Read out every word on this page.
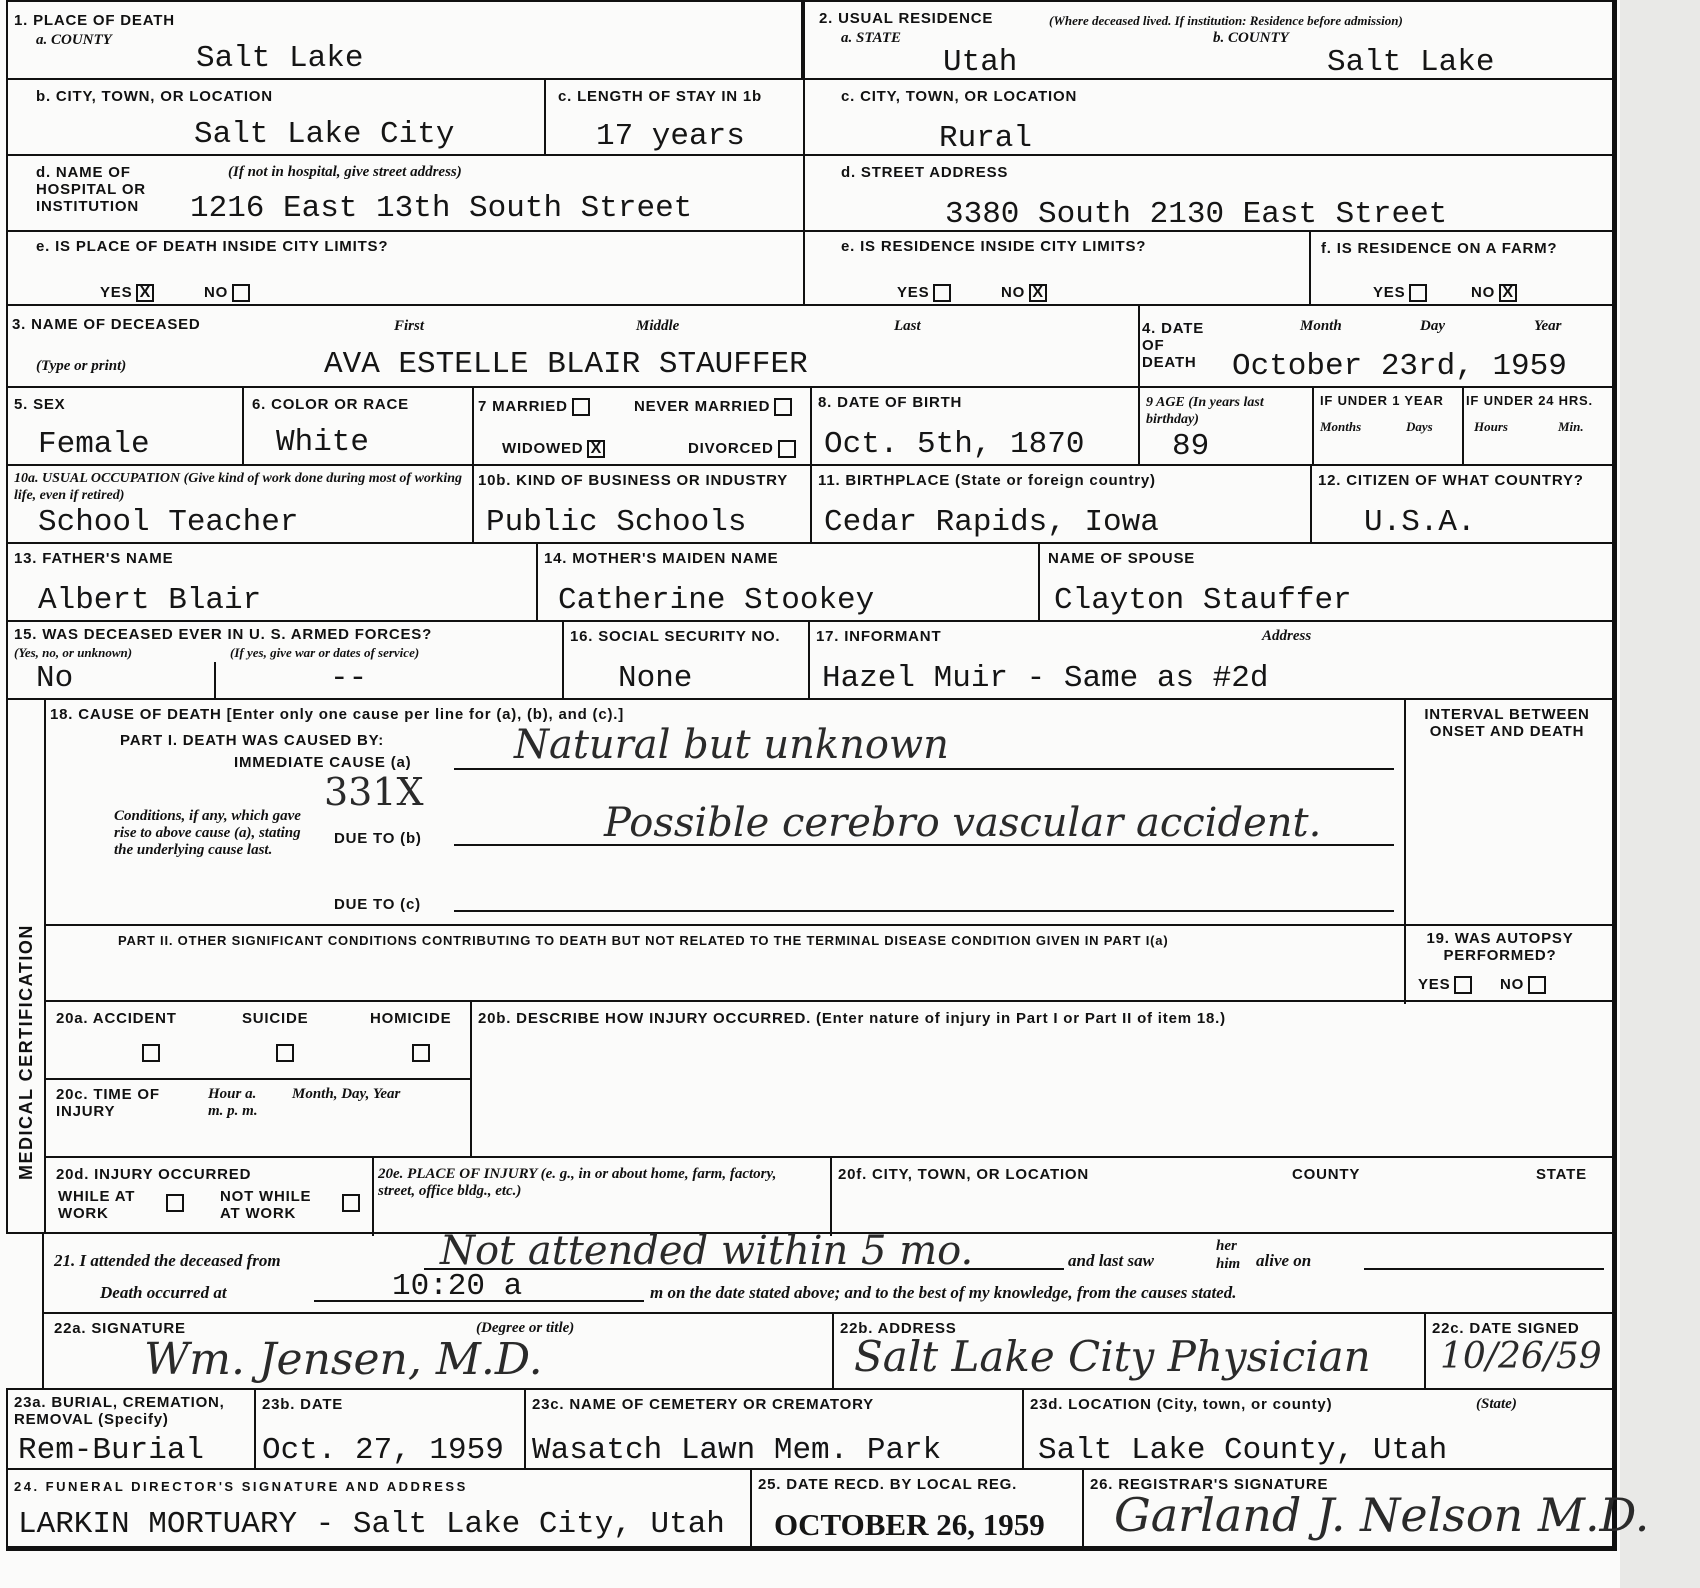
1. PLACE OF DEATH
a. COUNTY
Salt Lake
2. USUAL RESIDENCE	(Where deceased lived. If institution: Residence before admission)
a. STATE	b. COUNTY
Utah	Salt Lake
b. CITY, TOWN, OR LOCATION
Salt Lake City
c. LENGTH OF STAY IN 1b
17 years
c. CITY, TOWN, OR LOCATION
Rural
d. NAME OF HOSPITAL OR INSTITUTION
(If not in hospital, give street address)
1216 East 13th South Street
d. STREET ADDRESS
3380 South 2130 East Street
e. IS PLACE OF DEATH INSIDE CITY LIMITS?
YES X	NO
e. IS RESIDENCE INSIDE CITY LIMITS?
YES	NO X
f. IS RESIDENCE ON A FARM?
YES	NO X
3. NAME OF DECEASED
(Type or print)
First	Middle	Last
AVA ESTELLE BLAIR STAUFFER
4. DATE OF DEATH
Month	Day	Year
October 23rd, 1959
5. SEX
Female
6. COLOR OR RACE
White
7 MARRIED	NEVER MARRIED
WIDOWED X	DIVORCED
8. DATE OF BIRTH
Oct. 5th, 1870
9 AGE (In years last birthday)
89
IF UNDER 1 YEAR
Months	Days
IF UNDER 24 HRS.
Hours	Min.
10a. USUAL OCCUPATION (Give kind of work done during most of working life, even if retired)
School Teacher
10b. KIND OF BUSINESS OR INDUSTRY
Public Schools
11. BIRTHPLACE (State or foreign country)
Cedar Rapids, Iowa
12. CITIZEN OF WHAT COUNTRY?
U.S.A.
13. FATHER'S NAME
Albert Blair
14. MOTHER'S MAIDEN NAME
Catherine Stookey
NAME OF SPOUSE
Clayton Stauffer
15. WAS DECEASED EVER IN U. S. ARMED FORCES?
(Yes, no, or unknown)	(If yes, give war or dates of service)
No	--
16. SOCIAL SECURITY NO.
None
17. INFORMANT	Address
Hazel Muir - Same as #2d
MEDICAL CERTIFICATION
18. CAUSE OF DEATH [Enter only one cause per line for (a), (b), and (c).]
PART I. DEATH WAS CAUSED BY:
IMMEDIATE CAUSE (a)	Natural but unknown
331X
Conditions, if any, which gave rise to above cause (a), stating the underlying cause last.
DUE TO (b)	Possible cerebro vascular accident.
DUE TO (c)
INTERVAL BETWEEN ONSET AND DEATH
PART II. OTHER SIGNIFICANT CONDITIONS CONTRIBUTING TO DEATH BUT NOT RELATED TO THE TERMINAL DISEASE CONDITION GIVEN IN PART I(a)	19. WAS AUTOPSY PERFORMED?
YES	NO
20a. ACCIDENT	SUICIDE	HOMICIDE 20b. DESCRIBE HOW INJURY OCCURRED. (Enter nature of injury in Part I or Part II of item 18.)
20c. TIME OF INJURY
Hour a. m. p. m.
Month, Day, Year
20d. INJURY OCCURRED
WHILE AT WORK
NOT WHILE AT WORK
20e. PLACE OF INJURY (e. g., in or about home, farm, factory, street, office bldg., etc.)
20f. CITY, TOWN, OR LOCATION	COUNTY	STATE
21. I attended the deceased from	Not attended within 5 mo.	and last saw
her
him alive on
Death occurred at	10:20 a	m on the date stated above; and to the best of my knowledge, from the causes stated.
22a. SIGNATURE	(Degree or title)
Wm. Jensen, M.D.
22b. ADDRESS
Salt Lake City Physician
22c. DATE SIGNED
10/26/59
23a. BURIAL, CREMATION, REMOVAL (Specify)
Rem-Burial
23b. DATE
Oct. 27, 1959
23c. NAME OF CEMETERY OR CREMATORY
Wasatch Lawn Mem. Park
23d. LOCATION (City, town, or county)	(State)
Salt Lake County, Utah
24. FUNERAL DIRECTOR'S SIGNATURE AND ADDRESS
LARKIN MORTUARY - Salt Lake City, Utah
25. DATE RECD. BY LOCAL REG.
OCTOBER 26, 1959
26. REGISTRAR'S SIGNATURE
Garland J. Nelson M.D.
